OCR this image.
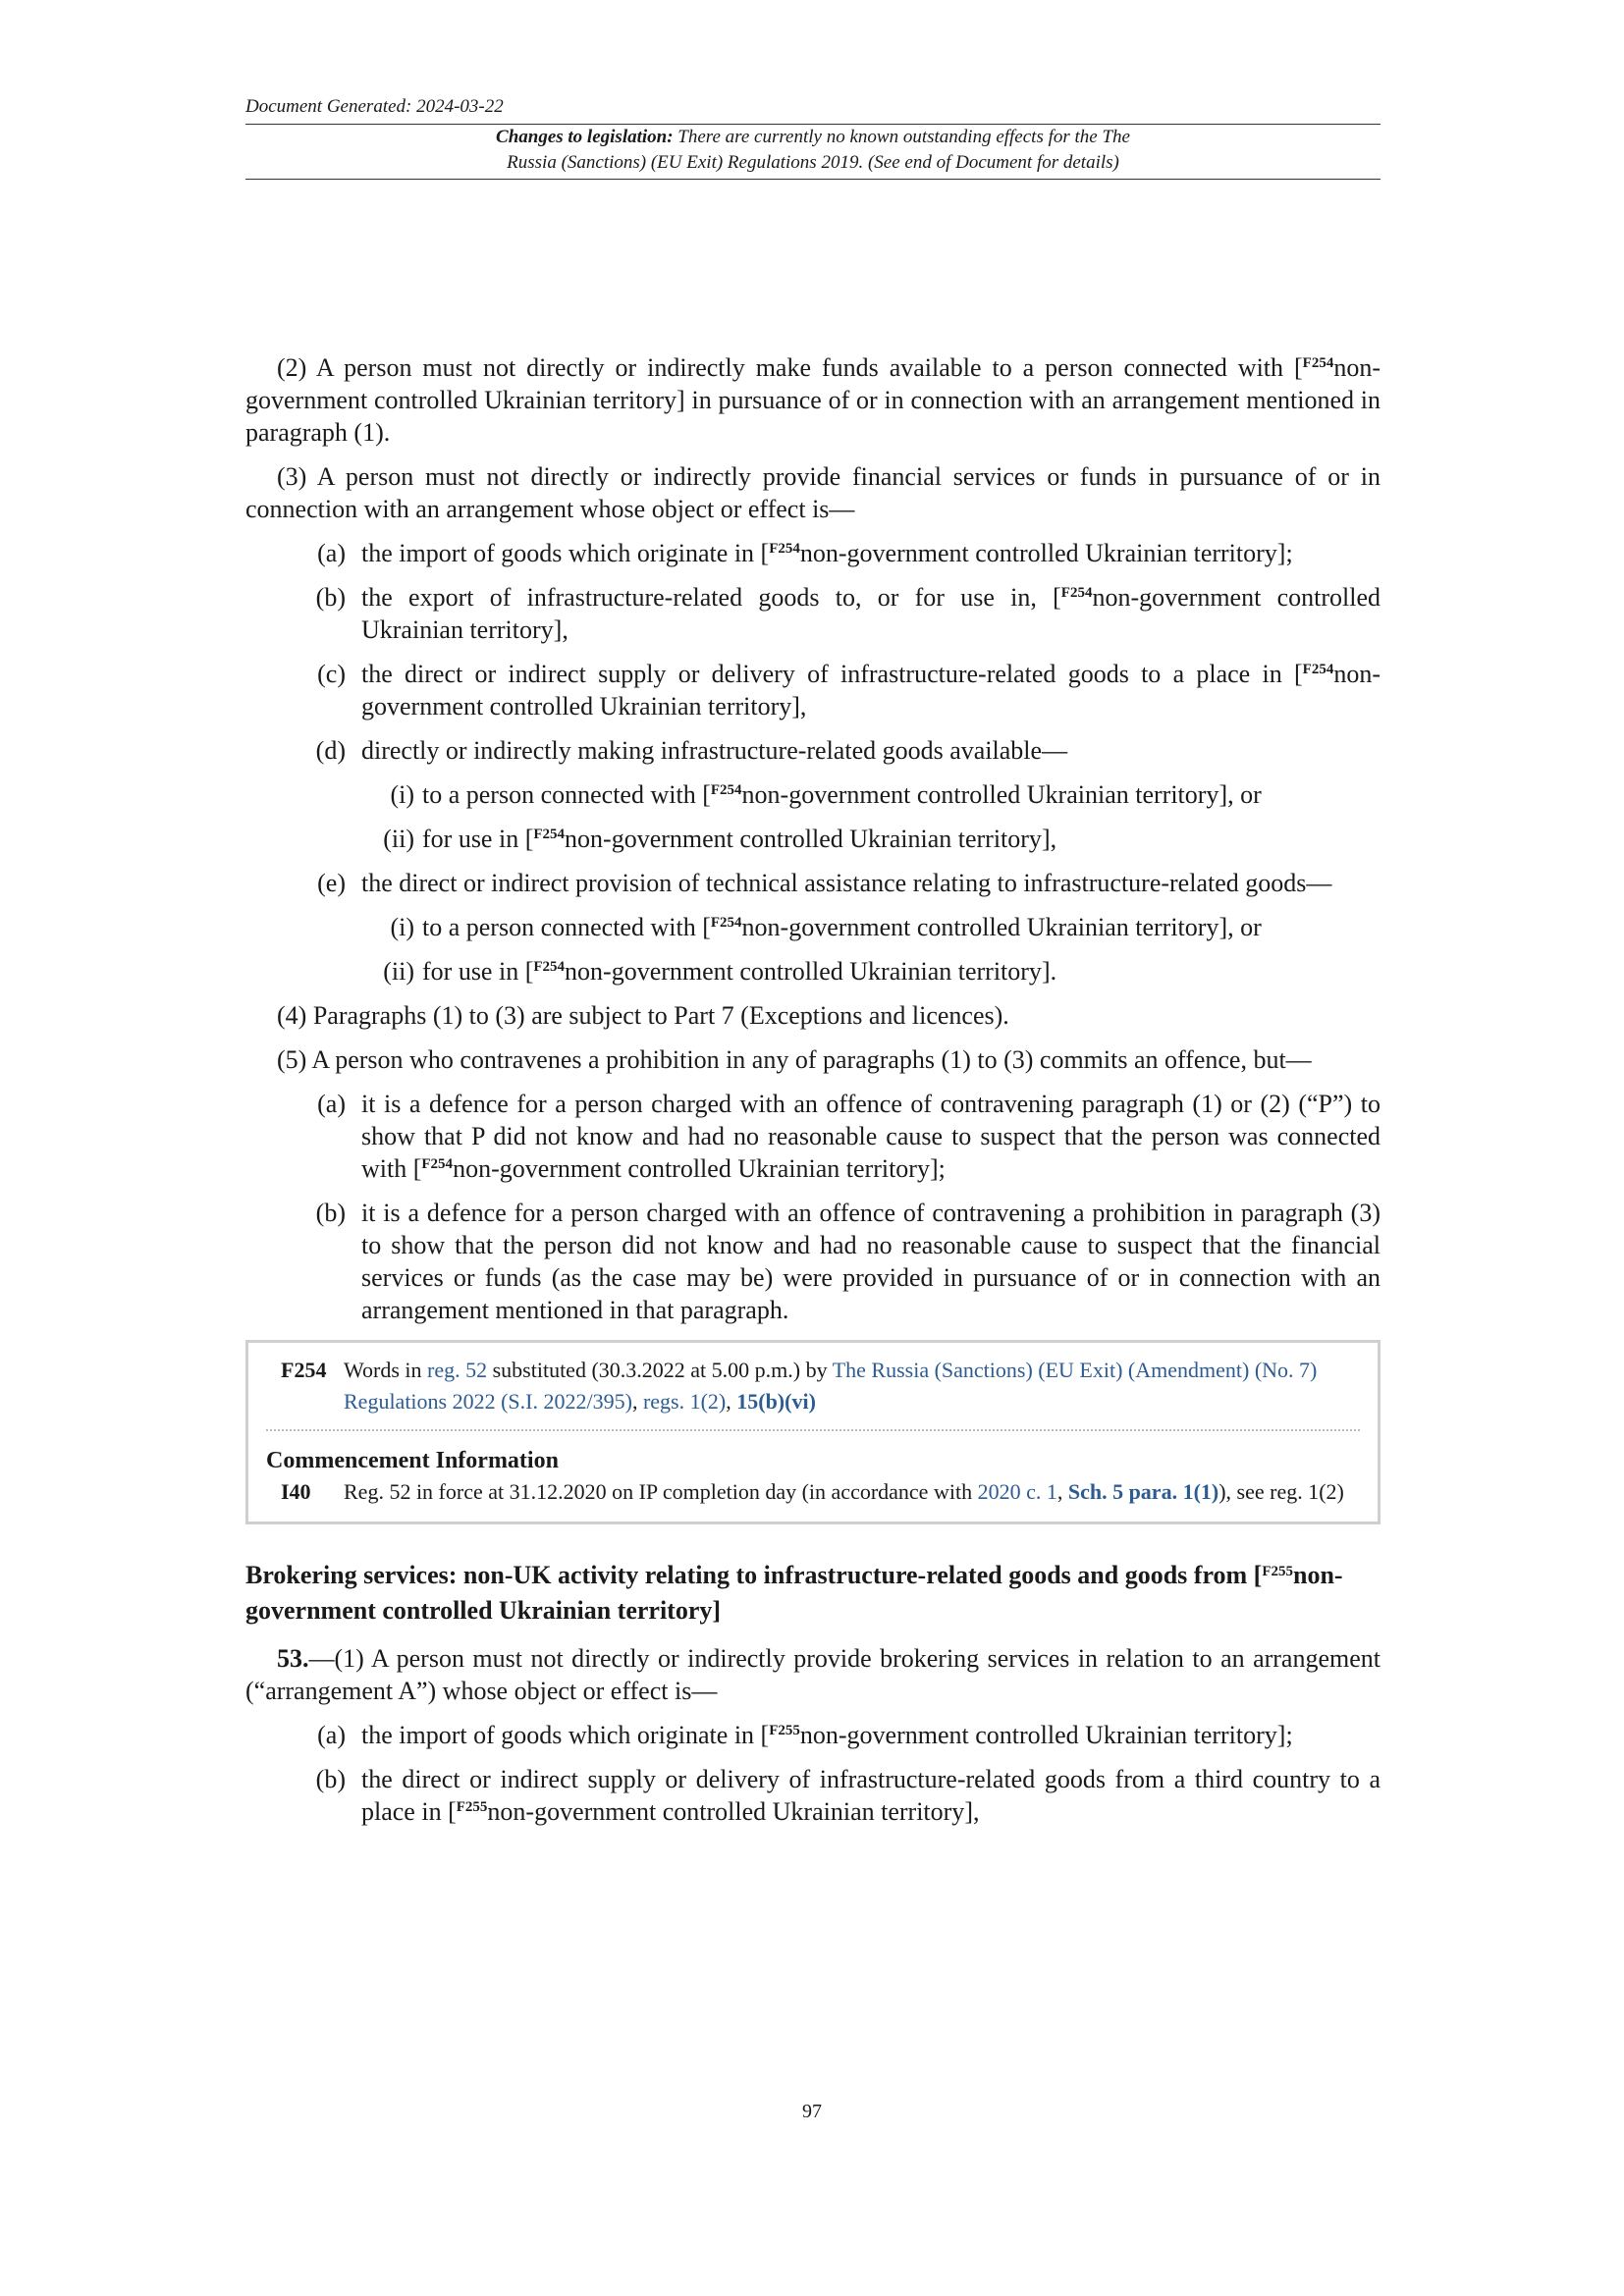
Document Generated: 2024-03-22
Changes to legislation: There are currently no known outstanding effects for the The
Russia (Sanctions) (EU Exit) Regulations 2019. (See end of Document for details)

(2) A person must not directly or indirectly make funds available to a person connected with [$^{F254}$non-government controlled Ukrainian territory] in pursuance of or in connection with an arrangement mentioned in paragraph (1).

(3) A person must not directly or indirectly provide financial services or funds in pursuance of or in connection with an arrangement whose object or effect is—

(a) the import of goods which originate in [$^{F254}$non-government controlled Ukrainian territory];
(b) the export of infrastructure-related goods to, or for use in, [$^{F254}$non-government controlled Ukrainian territory],
(c) the direct or indirect supply or delivery of infrastructure-related goods to a place in [$^{F254}$non-government controlled Ukrainian territory],
(d) directly or indirectly making infrastructure-related goods available—
(i) to a person connected with [$^{F254}$non-government controlled Ukrainian territory], or
(ii) for use in [$^{F254}$non-government controlled Ukrainian territory],
(e) the direct or indirect provision of technical assistance relating to infrastructure-related goods—
(i) to a person connected with [$^{F254}$non-government controlled Ukrainian territory], or
(ii) for use in [$^{F254}$non-government controlled Ukrainian territory].

(4) Paragraphs (1) to (3) are subject to Part 7 (Exceptions and licences).

(5) A person who contravenes a prohibition in any of paragraphs (1) to (3) commits an offence, but—

(a) it is a defence for a person charged with an offence of contravening paragraph (1) or (2) (“P”) to show that P did not know and had no reasonable cause to suspect that the person was connected with [$^{F254}$non-government controlled Ukrainian territory];
(b) it is a defence for a person charged with an offence of contravening a prohibition in paragraph (3) to show that the person did not know and had no reasonable cause to suspect that the financial services or funds (as the case may be) were provided in pursuance of or in connection with an arrangement mentioned in that paragraph.
F254 Words in reg. 52 substituted (30.3.2022 at 5.00 p.m.) by The Russia (Sanctions) (EU Exit) (Amendment) (No. 7) Regulations 2022 (S.I. 2022/395), regs. 1(2), 15(b)(vi)
Commencement Information
I40	Reg. 52 in force at 31.12.2020 on IP completion day (in accordance with 2020 c. 1, Sch. 5 para. 1(1)), see reg. 1(2)
Brokering services: non-UK activity relating to infrastructure-related goods and goods from [$^{F255}$non-government controlled Ukrainian territory]

53.—(1) A person must not directly or indirectly provide brokering services in relation to an arrangement (“arrangement A”) whose object or effect is—

(a) the import of goods which originate in [$^{F255}$non-government controlled Ukrainian territory];
(b) the direct or indirect supply or delivery of infrastructure-related goods from a third country to a place in [$^{F255}$non-government controlled Ukrainian territory],
97
